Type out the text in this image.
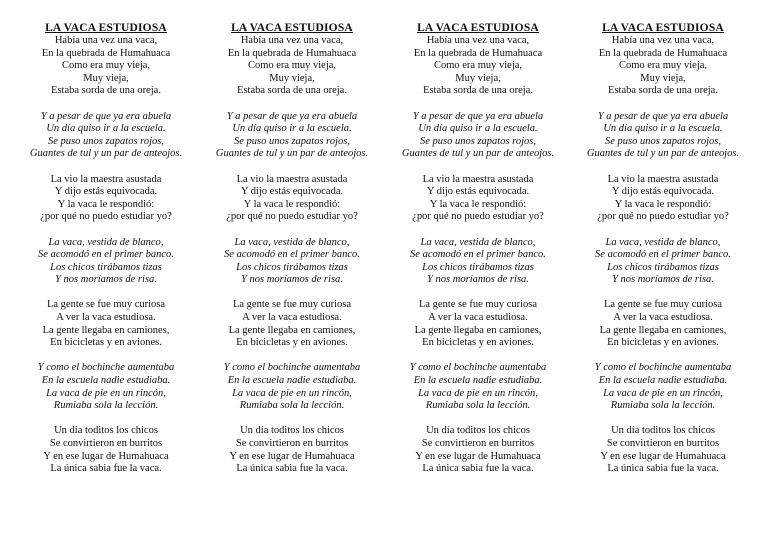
LA VACA ESTUDIOSA
Había una vez una vaca,
En la quebrada de Humahuaca
Como era muy vieja,
Muy vieja,
Estaba sorda de una oreja.
Y a pesar de que ya era abuela
Un día quiso ir a la escuela.
Se puso unos zapatos rojos,
Guantes de tul y un par de anteojos.
La vio la maestra asustada
Y dijo estás equivocada.
Y la vaca le respondió:
¿por qué no puedo estudiar yo?
La vaca, vestida de blanco,
Se acomodó en el primer banco.
Los chicos tirábamos tizas
Y nos moríamos de risa.
La gente se fue muy curiosa
A ver la vaca estudiosa.
La gente llegaba en camiones,
En bicicletas y en aviones.
Y como el bochinche aumentaba
En la escuela nadie estudiaba.
La vaca de pie en un rincón,
Rumiaba sola la lección.
Un día toditos los chicos
Se convirtieron en burritos
Y en ese lugar de Humahuaca
La única sabia fue la vaca.
LA VACA ESTUDIOSA
Había una vez una vaca,
En la quebrada de Humahuaca
Como era muy vieja,
Muy vieja,
Estaba sorda de una oreja.
Y a pesar de que ya era abuela
Un día quiso ir a la escuela.
Se puso unos zapatos rojos,
Guantes de tul y un par de anteojos.
La vio la maestra asustada
Y dijo estás equivocada.
Y la vaca le respondió:
¿por qué no puedo estudiar yo?
La vaca, vestida de blanco,
Se acomodó en el primer banco.
Los chicos tirábamos tizas
Y nos moríamos de risa.
La gente se fue muy curiosa
A ver la vaca estudiosa.
La gente llegaba en camiones,
En bicicletas y en aviones.
Y como el bochinche aumentaba
En la escuela nadie estudiaba.
La vaca de pie en un rincón,
Rumiaba sola la lección.
Un día toditos los chicos
Se convirtieron en burritos
Y en ese lugar de Humahuaca
La única sabia fue la vaca.
LA VACA ESTUDIOSA
Había una vez una vaca,
En la quebrada de Humahuaca
Como era muy vieja,
Muy vieja,
Estaba sorda de una oreja.
Y a pesar de que ya era abuela
Un día quiso ir a la escuela.
Se puso unos zapatos rojos,
Guantes de tul y un par de anteojos.
La vio la maestra asustada
Y dijo estás equivocada.
Y la vaca le respondió:
¿por qué no puedo estudiar yo?
La vaca, vestida de blanco,
Se acomodó en el primer banco.
Los chicos tirábamos tizas
Y nos moríamos de risa.
La gente se fue muy curiosa
A ver la vaca estudiosa.
La gente llegaba en camiones,
En bicicletas y en aviones.
Y como el bochinche aumentaba
En la escuela nadie estudiaba.
La vaca de pie en un rincón,
Rumiaba sola la lección.
Un día toditos los chicos
Se convirtieron en burritos
Y en ese lugar de Humahuaca
La única sabia fue la vaca.
LA VACA ESTUDIOSA
Había una vez una vaca,
En la quebrada de Humahuaca
Como era muy vieja,
Muy vieja,
Estaba sorda de una oreja.
Y a pesar de que ya era abuela
Un día quiso ir a la escuela.
Se puso unos zapatos rojos,
Guantes de tul y un par de anteojos.
La vio la maestra asustada
Y dijo estás equivocada.
Y la vaca le respondió:
¿por qué no puedo estudiar yo?
La vaca, vestida de blanco,
Se acomodó en el primer banco.
Los chicos tirábamos tizas
Y nos moríamos de risa.
La gente se fue muy curiosa
A ver la vaca estudiosa.
La gente llegaba en camiones,
En bicicletas y en aviones.
Y como el bochinche aumentaba
En la escuela nadie estudiaba.
La vaca de pie en un rincón,
Rumiaba sola la lección.
Un día toditos los chicos
Se convirtieron en burritos
Y en ese lugar de Humahuaca
La única sabia fue la vaca.
